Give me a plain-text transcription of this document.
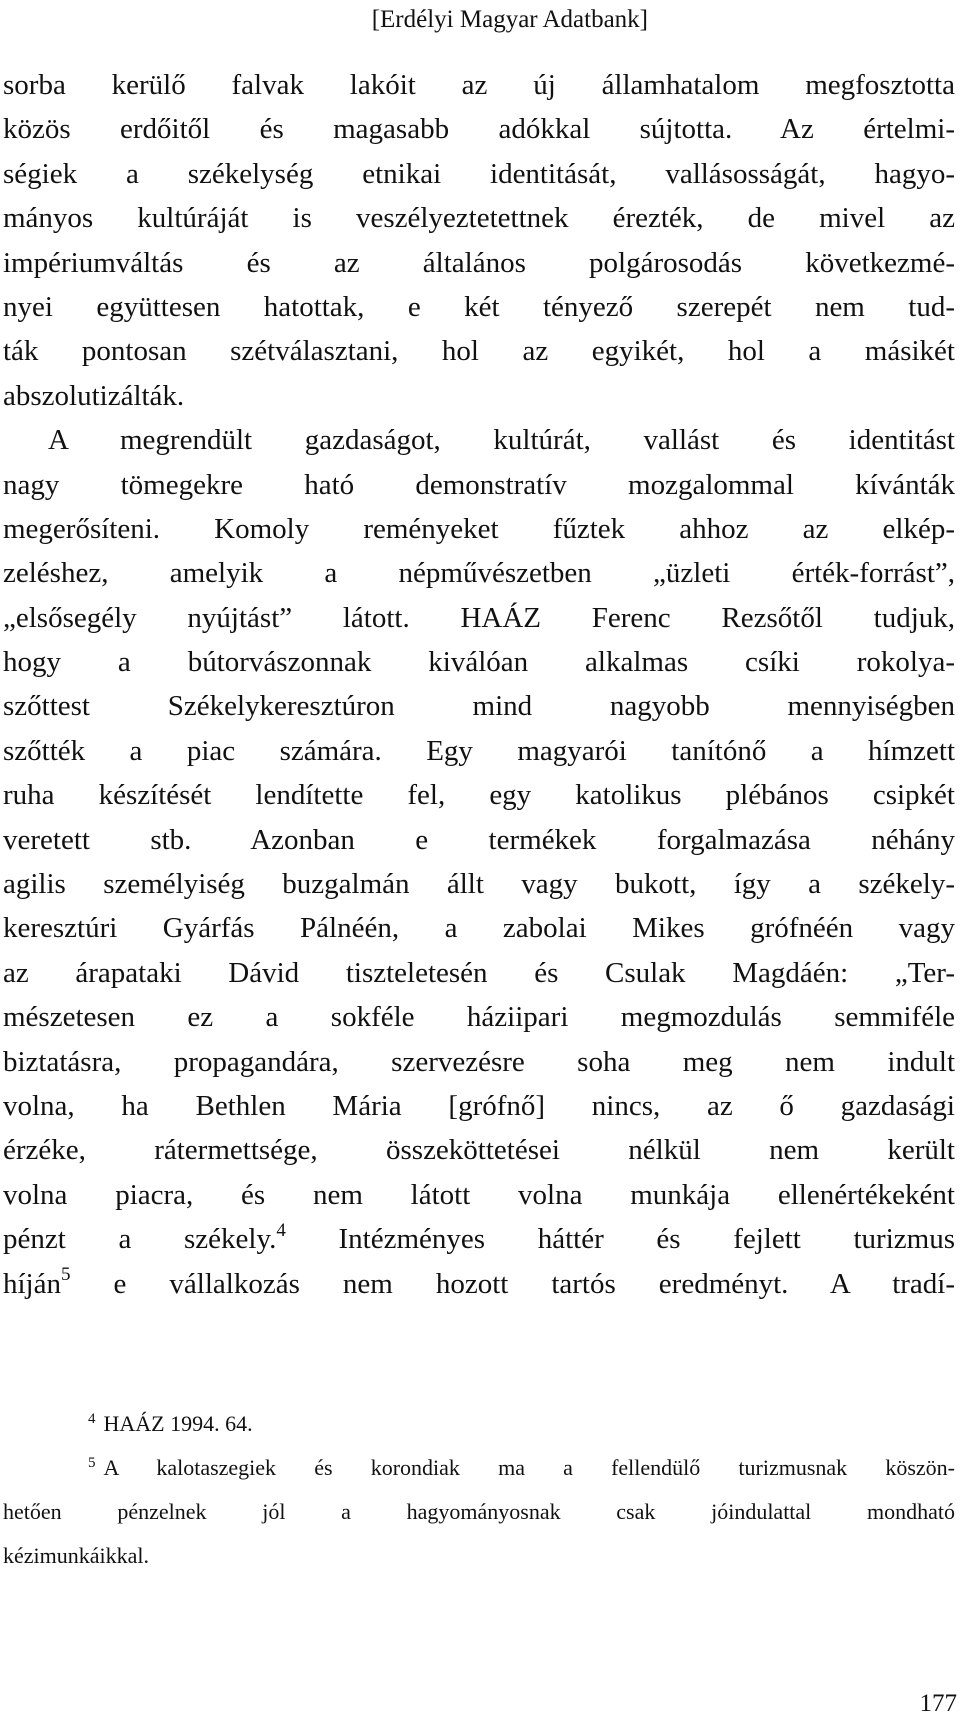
[Erdélyi Magyar Adatbank]
sorba kerülő falvak lakóit az új államhatalom megfosztotta
közös erdőitől és magasabb adókkal sújtotta. Az értelmi-
ségiek a székelység etnikai identitását, vallásosságát, hagyo-
mányos kultúráját is veszélyeztetettnek érezték, de mivel az
impériumváltás és az általános polgárosodás következmé-
nyei együttesen hatottak, e két tényező szerepét nem tud-
ták pontosan szétválasztani, hol az egyikét, hol a másikét
abszolutizálták.
A megrendült gazdaságot, kultúrát, vallást és identitást
nagy tömegekre ható demonstratív mozgalommal kívánták
megerősíteni. Komoly reményeket fűztek ahhoz az elkép-
zeléshez, amelyik a népművészetben „üzleti érték-forrást”,
„elsősegély nyújtást” látott. HAÁZ Ferenc Rezsőtől tudjuk,
hogy a bútorvászonnak kiválóan alkalmas csíki rokolya-
szőttest Székelykeresztúron mind nagyobb mennyiségben
szőtték a piac számára. Egy magyarói tanítónő a hímzett
ruha készítését lendítette fel, egy katolikus plébános csipkét
veretett stb. Azonban e termékek forgalmazása néhány
agilis személyiség buzgalmán állt vagy bukott, így a székely-
keresztúri Gyárfás Pálnéén, a zabolai Mikes grófnéén vagy
az árapataki Dávid tiszteletesén és Csulak Magdáén: „Ter-
mészetesen ez a sokféle háziipari megmozdulás semmiféle
biztatásra, propagandára, szervezésre soha meg nem indult
volna, ha Bethlen Mária [grófnő] nincs, az ő gazdasági
érzéke, rátermettsége, összeköttetései nélkül nem került
volna piacra, és nem látott volna munkája ellenértékeként
pénzt a székely.$^4$ Intézményes háttér és fejlett turizmus
híján$^5$ e vállalkozás nem hozott tartós eredményt. A tradí-
$^4$ HAÁZ 1994. 64.
$^5$ A kalotaszegiek és korondiak ma a fellendülő turizmusnak köszön-
hetően pénzelnek jól a hagyományosnak csak jóindulattal mondható
kézimunkáikkal.
177
